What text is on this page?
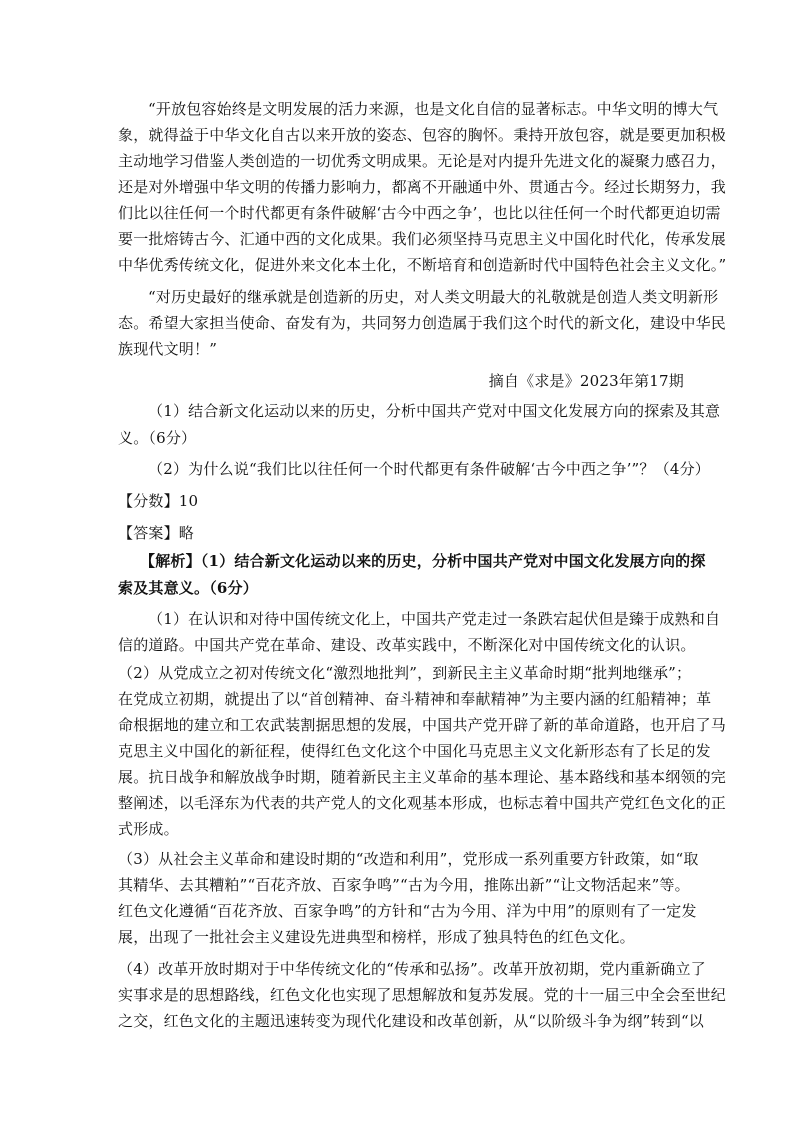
“开放包容始终是文明发展的活力来源，也是文化自信的显著标志。中华文明的博大气
象，就得益于中华文化自古以来开放的姿态、包容的胸怀。秉持开放包容，就是要更加积极
主动地学习借鉴人类创造的一切优秀文明成果。无论是对内提升先进文化的凝聚力感召力，
还是对外增强中华文明的传播力影响力，都离不开融通中外、贯通古今。经过长期努力，我
们比以往任何一个时代都更有条件破解‘古今中西之争’，也比以往任何一个时代都更迫切需
要一批熔铸古今、汇通中西的文化成果。我们必须坚持马克思主义中国化时代化，传承发展
中华优秀传统文化，促进外来文化本土化，不断培育和创造新时代中国特色社会主义文化。”
“对历史最好的继承就是创造新的历史，对人类文明最大的礼敬就是创造人类文明新形
态。希望大家担当使命、奋发有为，共同努力创造属于我们这个时代的新文化，建设中华民
族现代文明！”
摘自《求是》2023年第17期
（1）结合新文化运动以来的历史，分析中国共产党对中国文化发展方向的探索及其意
义。（6分）
（2）为什么说“我们比以往任何一个时代都更有条件破解‘古今中西之争’”？（4分）
【分数】10
【答案】略
【解析】（1）结合新文化运动以来的历史，分析中国共产党对中国文化发展方向的探
索及其意义。（6分）
（1）在认识和对待中国传统文化上，中国共产党走过一条跌宕起伏但是臻于成熟和自
信的道路。中国共产党在革命、建设、改革实践中，不断深化对中国传统文化的认识。
（2）从党成立之初对传统文化“激烈地批判”，到新民主主义革命时期“批判地继承”；
在党成立初期，就提出了以“首创精神、奋斗精神和奉献精神”为主要内涵的红船精神；革
命根据地的建立和工农武装割据思想的发展，中国共产党开辟了新的革命道路，也开启了马
克思主义中国化的新征程，使得红色文化这个中国化马克思主义文化新形态有了长足的发
展。抗日战争和解放战争时期，随着新民主主义革命的基本理论、基本路线和基本纲领的完
整阐述，以毛泽东为代表的共产党人的文化观基本形成，也标志着中国共产党红色文化的正
式形成。
（3）从社会主义革命和建设时期的“改造和利用”，党形成一系列重要方针政策，如“取
其精华、去其糟粕”“百花齐放、百家争鸣”“古为今用，推陈出新”“让文物活起来”等。
红色文化遵循“百花齐放、百家争鸣”的方针和“古为今用、洋为中用”的原则有了一定发
展，出现了一批社会主义建设先进典型和榜样，形成了独具特色的红色文化。
（4）改革开放时期对于中华传统文化的“传承和弘扬”。改革开放初期，党内重新确立了
实事求是的思想路线，红色文化也实现了思想解放和复苏发展。党的十一届三中全会至世纪
之交，红色文化的主题迅速转变为现代化建设和改革创新，从“以阶级斗争为纲”转到“以
